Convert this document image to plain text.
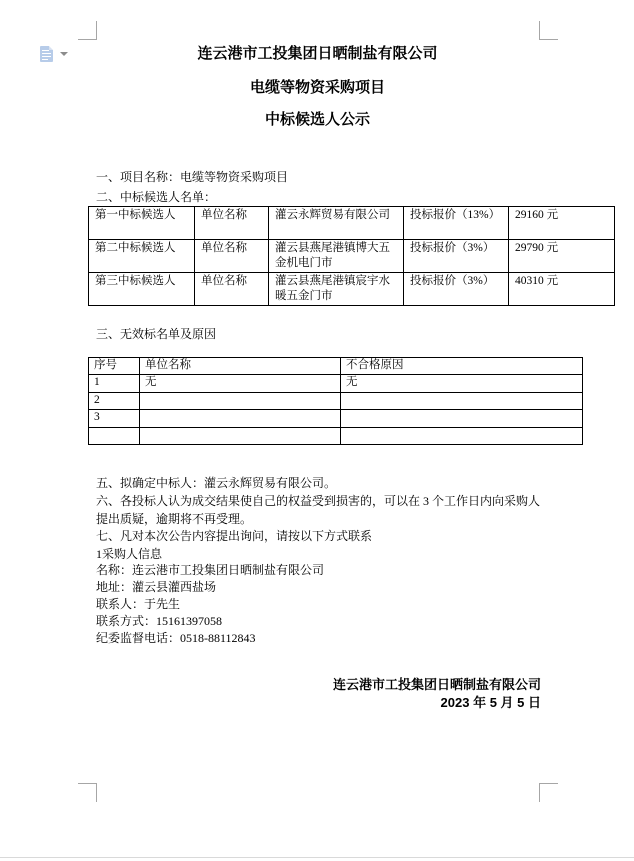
连云港市工投集团日晒制盐有限公司
电缆等物资采购项目
中标候选人公示
一、项目名称：电缆等物资采购项目
二、中标候选人名单：
第一中标候选人	单位名称	灌云永辉贸易有限公司	投标报价（13%）	29160 元
第二中标候选人	单位名称	灌云县燕尾港镇博大五金机电门市	投标报价（3%）	29790 元
第三中标候选人	单位名称	灌云县燕尾港镇宸宇水暖五金门市	投标报价（3%）	40310 元
三、无效标名单及原因
序号	单位名称	不合格原因
1	无	无
2		
3		

五、拟确定中标人：灌云永辉贸易有限公司。
六、各投标人认为成交结果使自己的权益受到损害的，可以在 3 个工作日内向采购人提出质疑，逾期将不再受理。
七、凡对本次公告内容提出询问，请按以下方式联系
1采购人信息
名称：连云港市工投集团日晒制盐有限公司
地址：灌云县灌西盐场
联系人：于先生
联系方式：15161397058
纪委监督电话：0518-88112843
连云港市工投集团日晒制盐有限公司
2023 年 5 月 5 日
